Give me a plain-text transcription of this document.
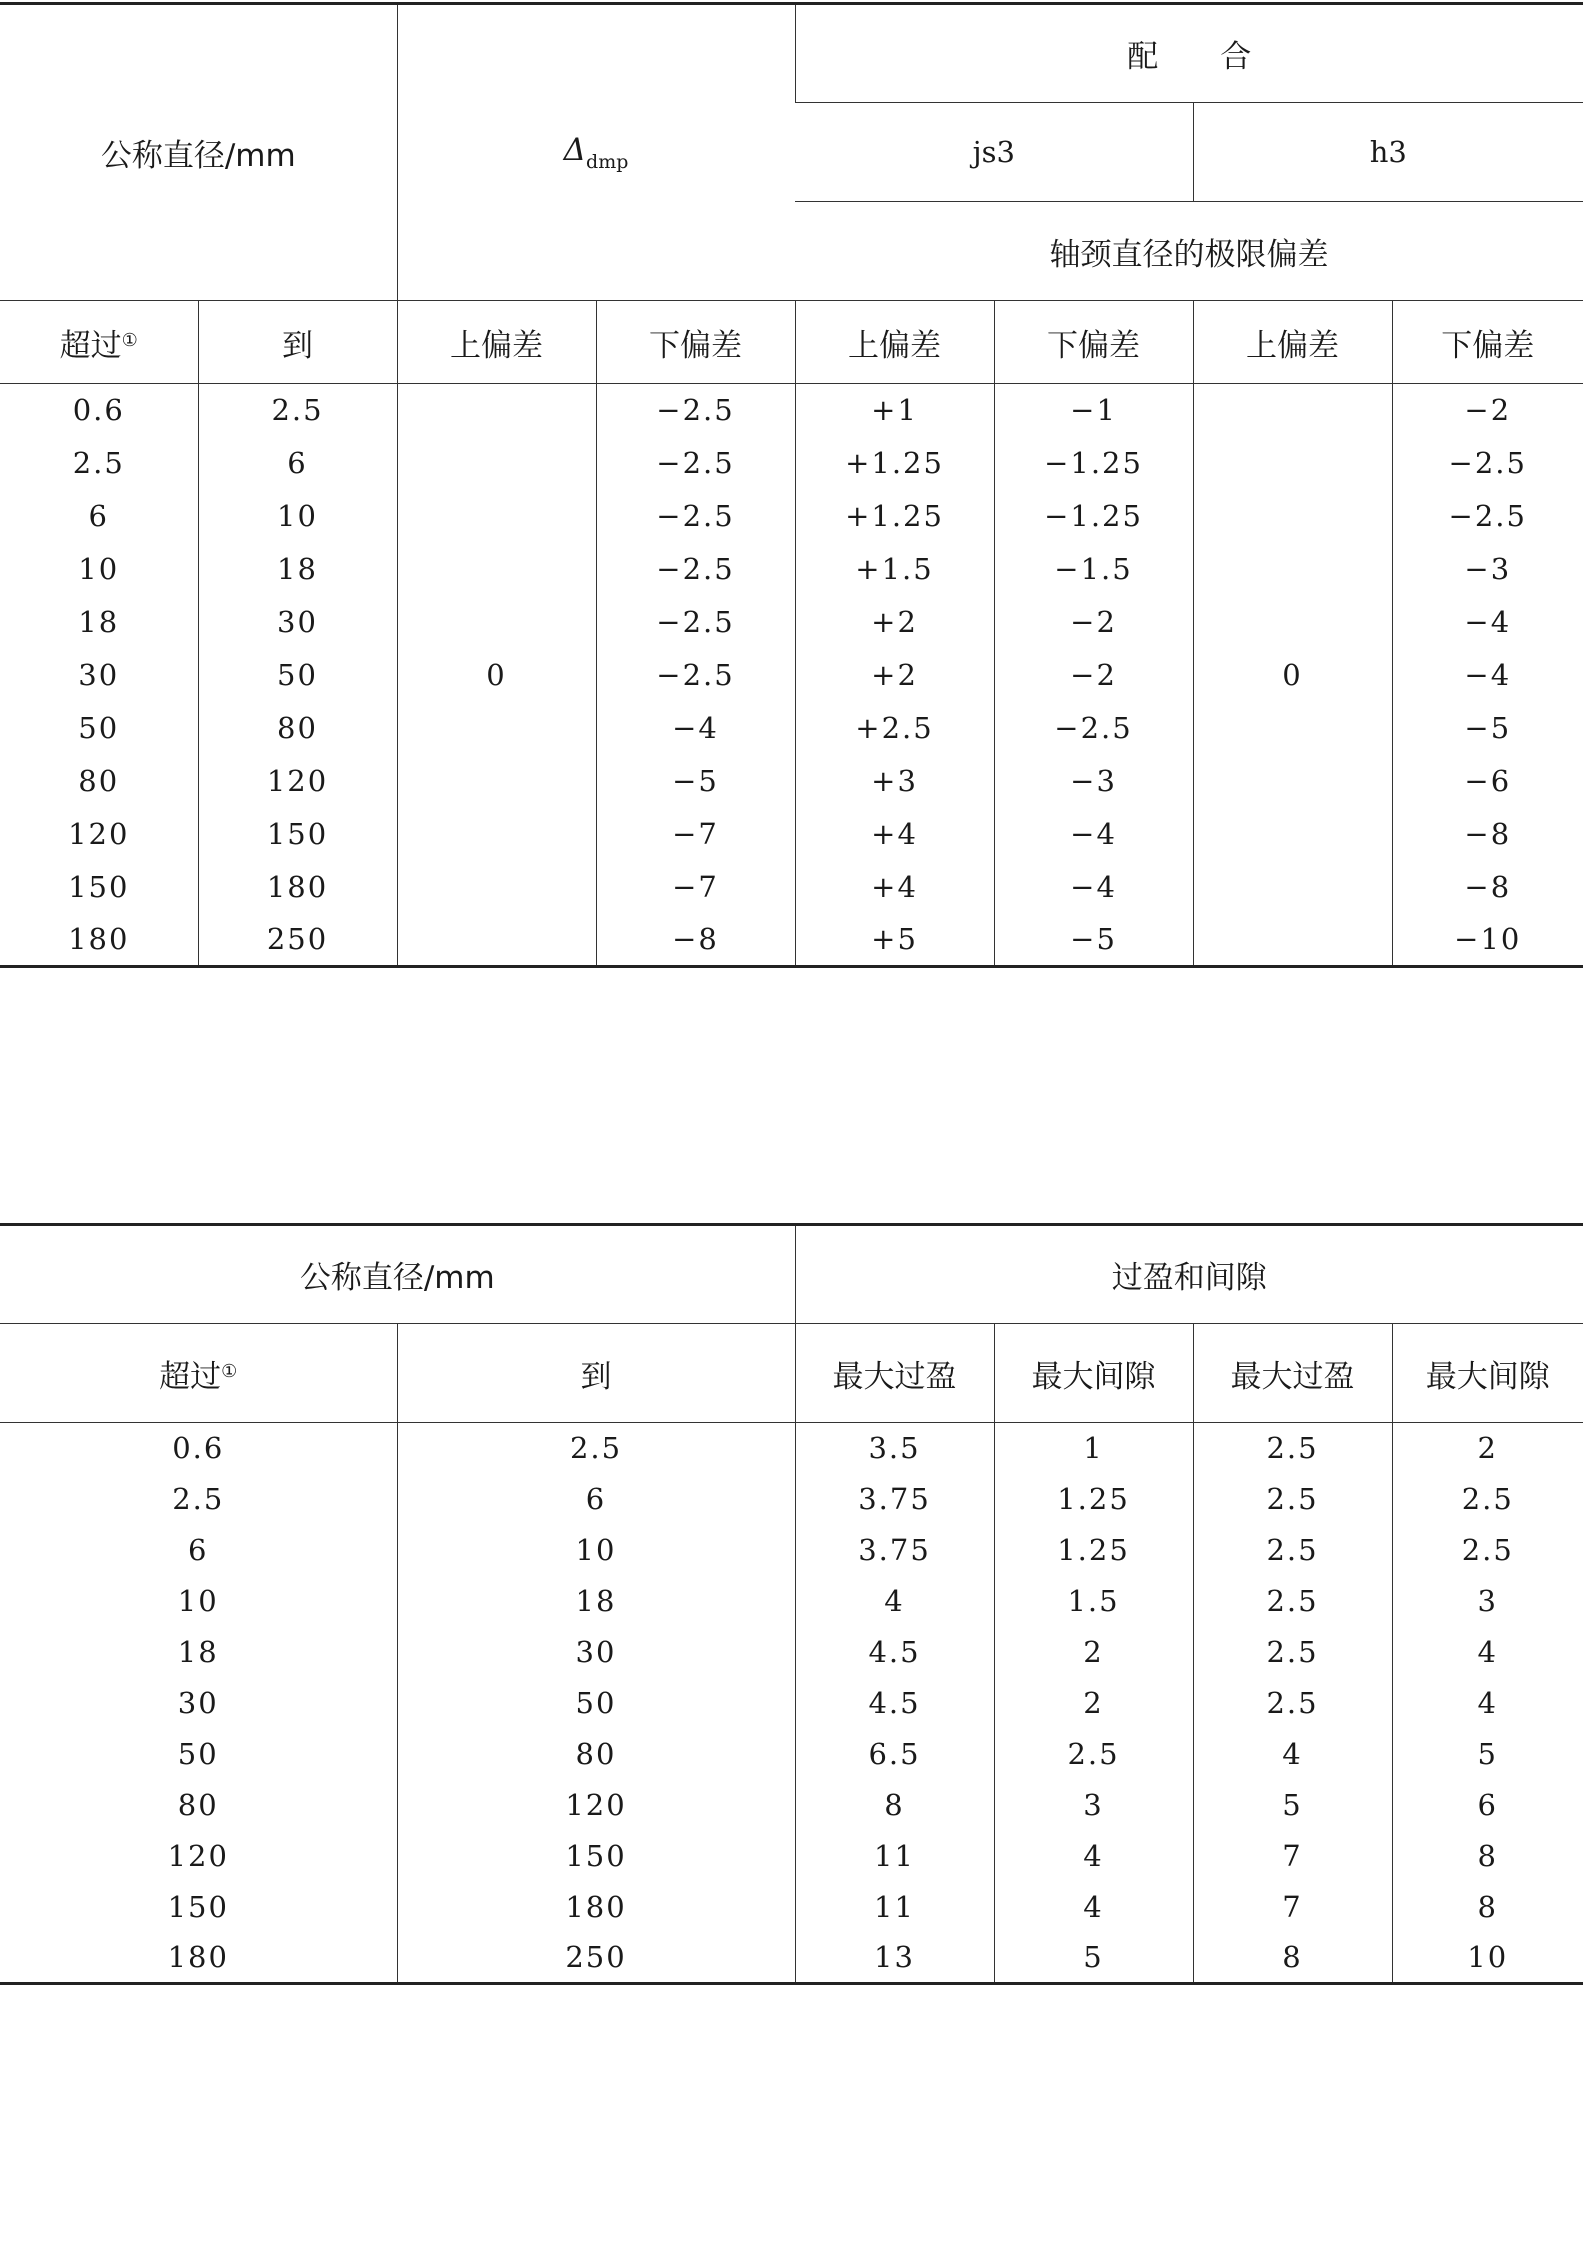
公称直径/mm		$\Delta_{dmp}$		配　　合			
				js3		h3	
				轴颈直径的极限偏差			
超过①	到	上偏差	下偏差	上偏差	下偏差	上偏差	下偏差
0.6	2.5	0	−2.5	+1	−1	0	−2
2.5	6		−2.5	+1.25	−1.25		−2.5
6	10		−2.5	+1.25	−1.25		−2.5
10	18		−2.5	+1.5	−1.5		−3
18	30		−2.5	+2	−2		−4
30	50		−2.5	+2	−2		−4
50	80		−4	+2.5	−2.5		−5
80	120		−5	+3	−3		−6
120	150		−7	+4	−4		−8
150	180		−7	+4	−4		−8
180	250		−8	+5	−5		−10
公称直径/mm		过盈和间隙			
超过①	到	最大过盈	最大间隙	最大过盈	最大间隙
0.6	2.5	3.5	1	2.5	2
2.5	6	3.75	1.25	2.5	2.5
6	10	3.75	1.25	2.5	2.5
10	18	4	1.5	2.5	3
18	30	4.5	2	2.5	4
30	50	4.5	2	2.5	4
50	80	6.5	2.5	4	5
80	120	8	3	5	6
120	150	11	4	7	8
150	180	11	4	7	8
180	250	13	5	8	10
